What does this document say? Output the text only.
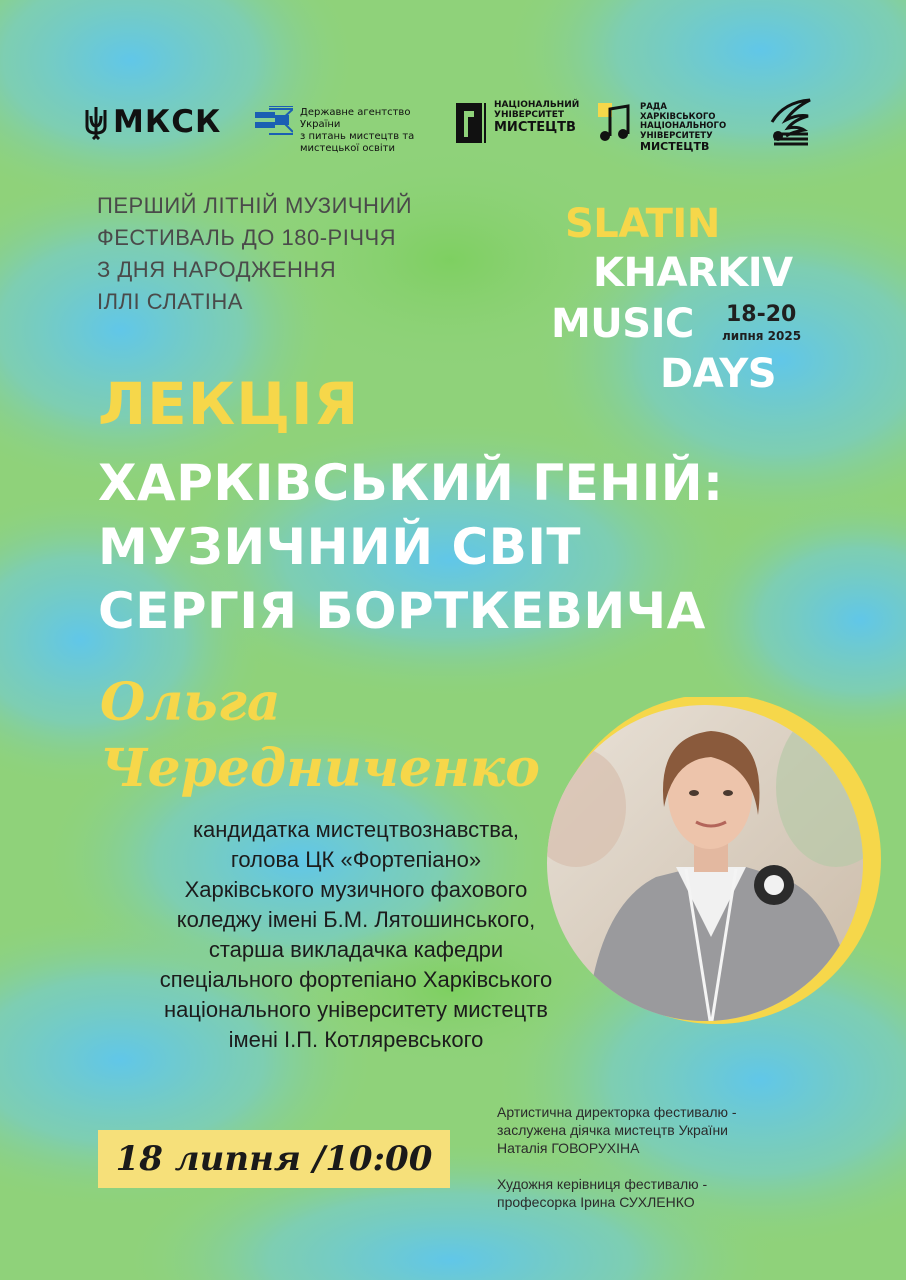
МКСК	Державне агентство України
з питань мистецтв та
мистецької освіти
НАЦІОНАЛЬНИЙ
УНІВЕРСИТЕТ
МИСТЕЦТВ
РАДА
ХАРКІВСЬКОГО
НАЦІОНАЛЬНОГО
УНІВЕРСИТЕТУ
МИСТЕЦТВ
ПЕРШИЙ ЛІТНІЙ МУЗИЧНИЙ
ФЕСТИВАЛЬ ДО 180-РІЧЧЯ
З ДНЯ НАРОДЖЕННЯ
ІЛЛІ СЛАТІНА
SLATIN
KHARKIV
MUSIC 18-20
липня 2025
DAYS
ЛЕКЦІЯ
ХАРКІВСЬКИЙ ГЕНІЙ:
МУЗИЧНИЙ СВІТ
СЕРГІЯ БОРТКЕВИЧА
Ольга
Чередниченко
кандидатка мистецтвознавства,
голова ЦК «Фортепіано»
Харківського музичного фахового
коледжу імені Б.М. Лятошинського,
старша викладачка кафедри
спеціального фортепіано Харківського
національного університету мистецтв
імені І.П. Котляревського
18 липня /10:00
Артистична директорка фестивалю -
заслужена діячка мистецтв України
Наталія ГОВОРУХІНА
Художня керівниця фестивалю -
професорка Ірина СУХЛЕНКО
